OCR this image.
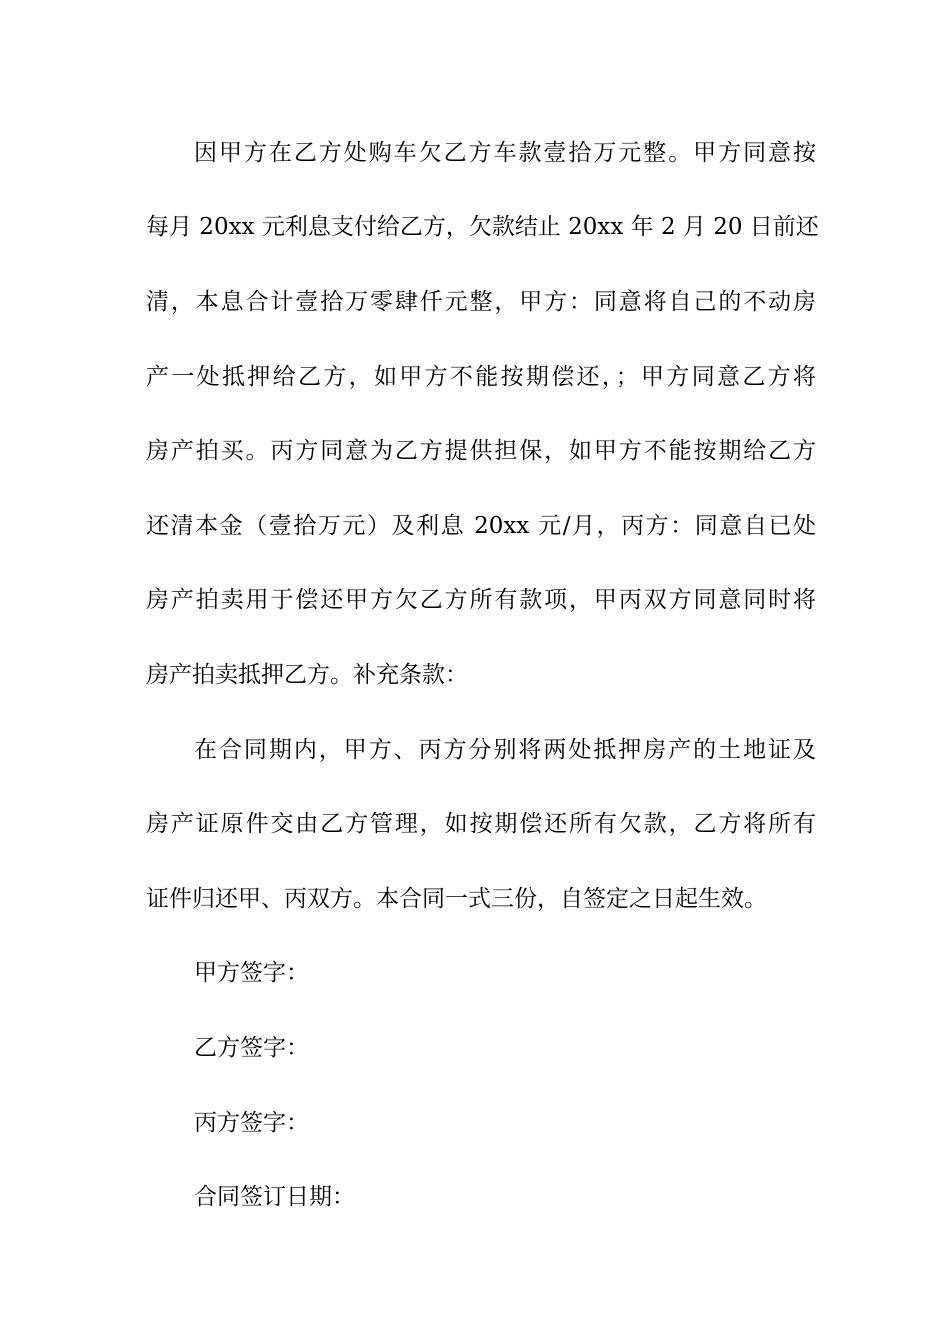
因甲方在乙方处购车欠乙方车款壹拾万元整。甲方同意按

每月 20xx 元利息支付给乙方，欠款结止 20xx 年 2 月 20 日前还

清，本息合计壹拾万零肆仟元整，甲方：同意将自己的不动房

产一处抵押给乙方，如甲方不能按期偿还，；甲方同意乙方将

房产拍买。丙方同意为乙方提供担保，如甲方不能按期给乙方

还清本金（壹拾万元）及利息 20xx 元/月，丙方：同意自已处

房产拍卖用于偿还甲方欠乙方所有款项，甲丙双方同意同时将

房产拍卖抵押乙方。补充条款：

在合同期内，甲方、丙方分别将两处抵押房产的土地证及

房产证原件交由乙方管理，如按期偿还所有欠款，乙方将所有

证件归还甲、丙双方。本合同一式三份，自签定之日起生效。

甲方签字：

乙方签字：

丙方签字：

合同签订日期：
